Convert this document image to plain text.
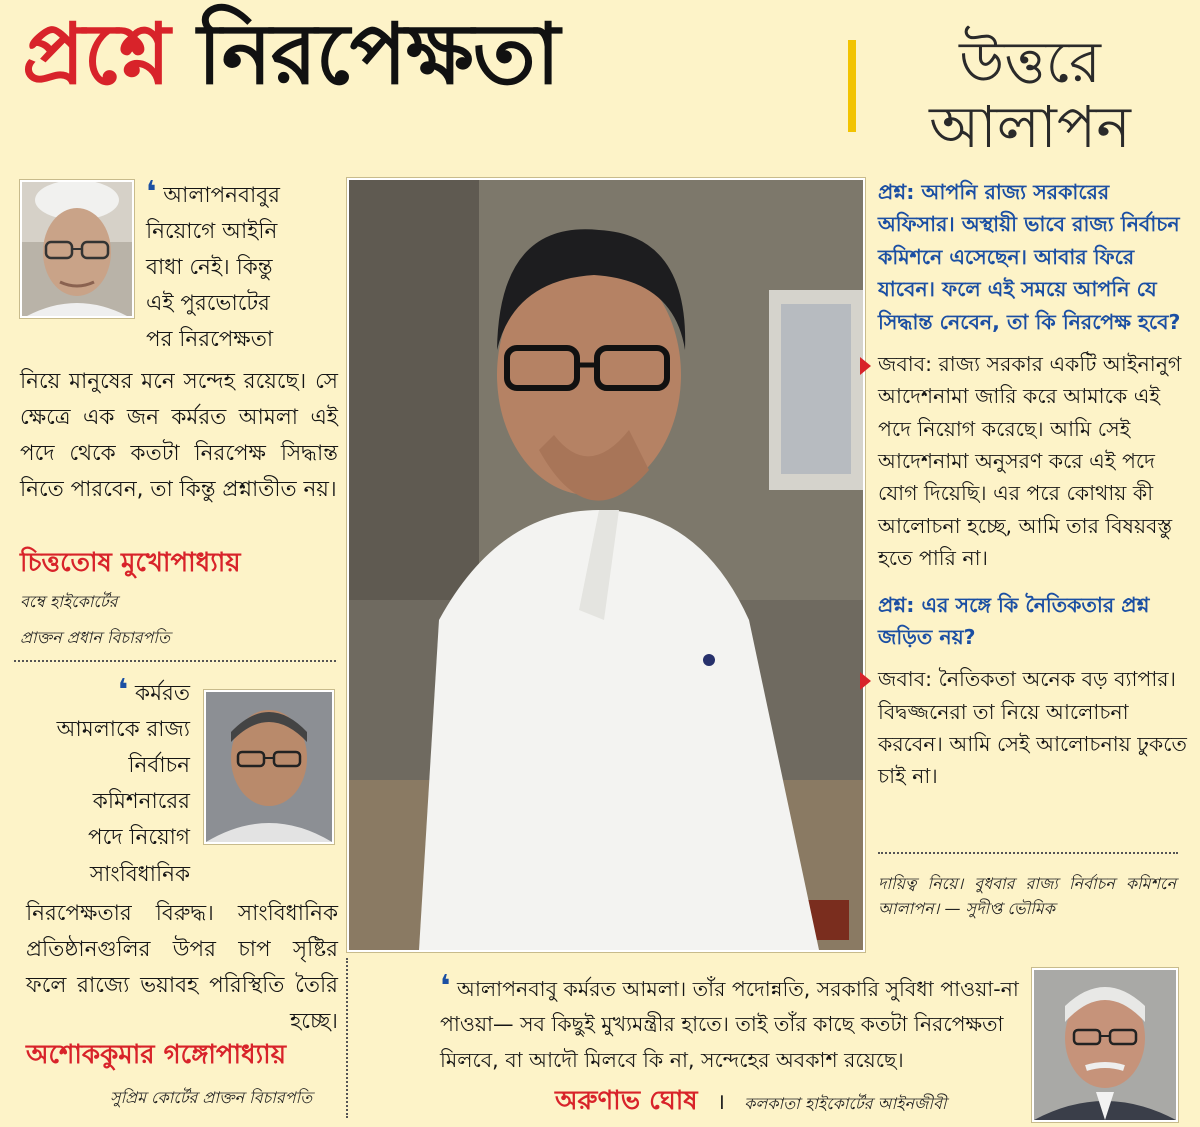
প্রশ্নে নিরপেক্ষতা	উত্তরে
আলাপন

❛ আলাপনবাবুর

নিয়োগে আইনি

বাধা নেই। কিন্তু

এই পুরভোটের

পর নিরপেক্ষতা

নিয়ে মানুষের মনে সন্দেহ রয়েছে। সে ক্ষেত্রে এক জন কর্মরত আমলা এই পদে থেকে কতটা নিরপেক্ষ সিদ্ধান্ত নিতে পারবেন, তা কিন্তু প্রশ্নাতীত নয়।
চিত্ততোষ মুখোপাধ্যায়
বম্বে হাইকোর্টের
প্রাক্তন প্রধান বিচারপতি

❛ কর্মরত

আমলাকে রাজ্য

নির্বাচন

কমিশনারের

পদে নিয়োগ

সাংবিধানিক

নিরপেক্ষতার বিরুদ্ধ। সাংবিধানিক প্রতিষ্ঠানগুলির উপর চাপ সৃষ্টির ফলে রাজ্যে ভয়াবহ পরিস্থিতি তৈরি হচ্ছে।
অশোককুমার গঙ্গোপাধ্যায়
সুপ্রিম কোর্টের প্রাক্তন বিচারপতি

প্রশ্ন: আপনি রাজ্য সরকারের অফিসার। অস্থায়ী ভাবে রাজ্য নির্বাচন কমিশনে এসেছেন। আবার ফিরে যাবেন। ফলে এই সময়ে আপনি যে সিদ্ধান্ত নেবেন, তা কি নিরপেক্ষ হবে?

জবাব: রাজ্য সরকার একটি আইনানুগ আদেশনামা জারি করে আমাকে এই পদে নিয়োগ করেছে। আমি সেই আদেশনামা অনুসরণ করে এই পদে যোগ দিয়েছি। এর পরে কোথায় কী আলোচনা হচ্ছে, আমি তার বিষয়বস্তু হতে পারি না।

প্রশ্ন: এর সঙ্গে কি নৈতিকতার প্রশ্ন জড়িত নয়?

জবাব: নৈতিকতা অনেক বড় ব্যাপার। বিদ্বজ্জনেরা তা নিয়ে আলোচনা করবেন। আমি সেই আলোচনায় ঢুকতে চাই না।

দায়িত্ব নিয়ে। বুধবার রাজ্য নির্বাচন কমিশনে আলাপন। — সুদীপ্ত ভৌমিক
❛ আলাপনবাবু কর্মরত আমলা। তাঁর পদোন্নতি, সরকারি সুবিধা পাওয়া-না পাওয়া— সব কিছুই মুখ্যমন্ত্রীর হাতে। তাই তাঁর কাছে কতটা নিরপেক্ষতা মিলবে, বা আদৌ মিলবে কি না, সন্দেহের অবকাশ রয়েছে।
অরুণাভ ঘোষ । কলকাতা হাইকোর্টের আইনজীবী
